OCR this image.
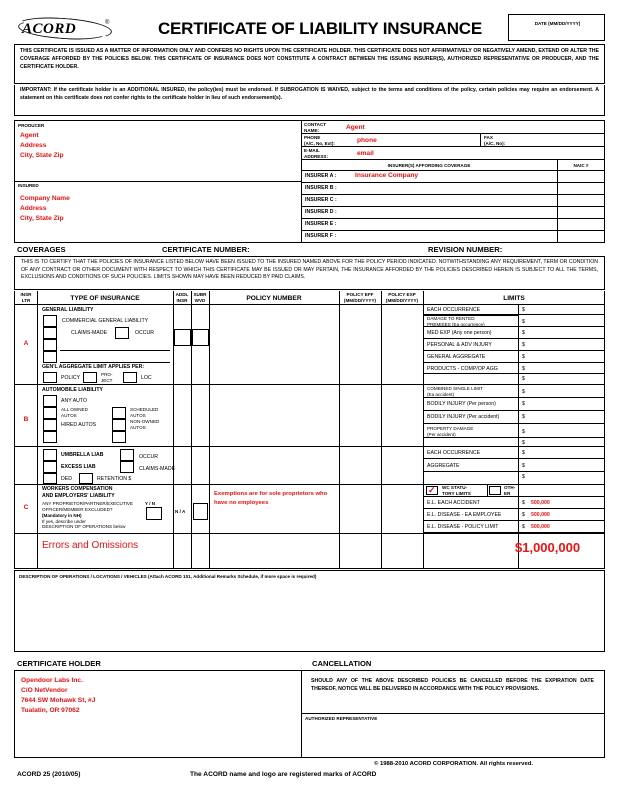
ACORD	®	CERTIFICATE OF LIABILITY INSURANCE	DATE (MM/DD/YYYY)
THIS CERTIFICATE IS ISSUED AS A MATTER OF INFORMATION ONLY AND CONFERS NO RIGHTS UPON THE CERTIFICATE HOLDER. THIS CERTIFICATE DOES NOT AFFIRMATIVELY OR NEGATIVELY AMEND, EXTEND OR ALTER THE COVERAGE AFFORDED BY THE POLICIES BELOW. THIS CERTIFICATE OF INSURANCE DOES NOT CONSTITUTE A CONTRACT BETWEEN THE ISSUING INSURER(S), AUTHORIZED REPRESENTATIVE OR PRODUCER, AND THE CERTIFICATE HOLDER.
IMPORTANT: If the certificate holder is an ADDITIONAL INSURED, the policy(ies) must be endorsed. If SUBROGATION IS WAIVED, subject to the terms and conditions of the policy, certain policies may require an endorsement. A statement on this certificate does not confer rights to the certificate holder in lieu of such endorsement(s).
PRODUCER
Agent
Address
City, State Zip
INSURED
Company Name
Address
City, State Zip
CONTACT
NAME:	Agent
PHONE
(A/C, No, Ext):	phone	FAX
(A/C, No):
E-MAIL
ADDRESS:	email
INSURER(S) AFFORDING COVERAGE	NAIC #
INSURER A :	Insurance Company
INSURER B :
INSURER C :
INSURER D :
INSURER E :
INSURER F :
COVERAGES	CERTIFICATE NUMBER:	REVISION NUMBER:
THIS IS TO CERTIFY THAT THE POLICIES OF INSURANCE LISTED BELOW HAVE BEEN ISSUED TO THE INSURED NAMED ABOVE FOR THE POLICY PERIOD INDICATED. NOTWITHSTANDING ANY REQUIREMENT, TERM OR CONDITION OF ANY CONTRACT OR OTHER DOCUMENT WITH RESPECT TO WHICH THIS CERTIFICATE MAY BE ISSUED OR MAY PERTAIN, THE INSURANCE AFFORDED BY THE POLICIES DESCRIBED HEREIN IS SUBJECT TO ALL THE TERMS, EXCLUSIONS AND CONDITIONS OF SUCH POLICIES. LIMITS SHOWN MAY HAVE BEEN REDUCED BY PAID CLAIMS.
INSR
LTR	TYPE OF INSURANCE
ADDL
INSR
SUBR
WVD	POLICY NUMBER
POLICY EFF
(MM/DD/YYYY)
POLICY EXP
(MM/DD/YYYY)	LIMITS
A
GENERAL LIABILITY
COMMERCIAL GENERAL LIABILITY
CLAIMS-MADE	OCCUR
GEN'L AGGREGATE LIMIT APPLIES PER:
POLICY
PRO-
JECT	LOC
EACH OCCURRENCE	$
DAMAGE TO RENTED
PREMISES (Ea occurrence)	$
MED EXP (Any one person)	$
PERSONAL & ADV INJURY	$
GENERAL AGGREGATE	$
PRODUCTS - COMP/OP AGG	$
$
B
AUTOMOBILE LIABILITY
ANY AUTO
ALL OWNED
AUTOS
SCHEDULED
AUTOS
HIRED AUTOS
NON-OWNED
AUTOS
COMBINED SINGLE LIMIT
(Ea accident)	$
BODILY INJURY (Per person)	$
BODILY INJURY (Per accident)	$
PROPERTY DAMAGE
(Per accident)	$
$
UMBRELLA LIAB	OCCUR
EXCESS LIAB	CLAIMS-MADE
DED	RETENTION $
EACH OCCURRENCE	$
AGGREGATE	$
$
C
WORKERS COMPENSATION
AND EMPLOYERS' LIABILITY
ANY PROPRIETOR/PARTNER/EXECUTIVE
OFFICER/MEMBER EXCLUDED?
(Mandatory in NH)
If yes, describe under
DESCRIPTION OF OPERATIONS below
Y / N
N / A
Exemptions are for sole proprietors who have no employees
✓ WC STATU-
TORY LIMITS
OTH-
ER
E.L. EACH ACCIDENT	$ 500,000
E.L. DISEASE - EA EMPLOYEE	$ 500,000
E.L. DISEASE - POLICY LIMIT	$ 500,000
Errors and Omissions	$1,000,000
DESCRIPTION OF OPERATIONS / LOCATIONS / VEHICLES (Attach ACORD 101, Additional Remarks Schedule, if more space is required)
CERTIFICATE HOLDER	CANCELLATION
Opendoor Labs Inc.
C/O NetVendor
7644 SW Mohawk St, #J
Tualatin, OR 97062
SHOULD ANY OF THE ABOVE DESCRIBED POLICIES BE CANCELLED BEFORE THE EXPIRATION DATE THEREOF, NOTICE WILL BE DELIVERED IN ACCORDANCE WITH THE POLICY PROVISIONS.
AUTHORIZED REPRESENTATIVE
© 1988-2010 ACORD CORPORATION. All rights reserved.
ACORD 25 (2010/05)	The ACORD name and logo are registered marks of ACORD
